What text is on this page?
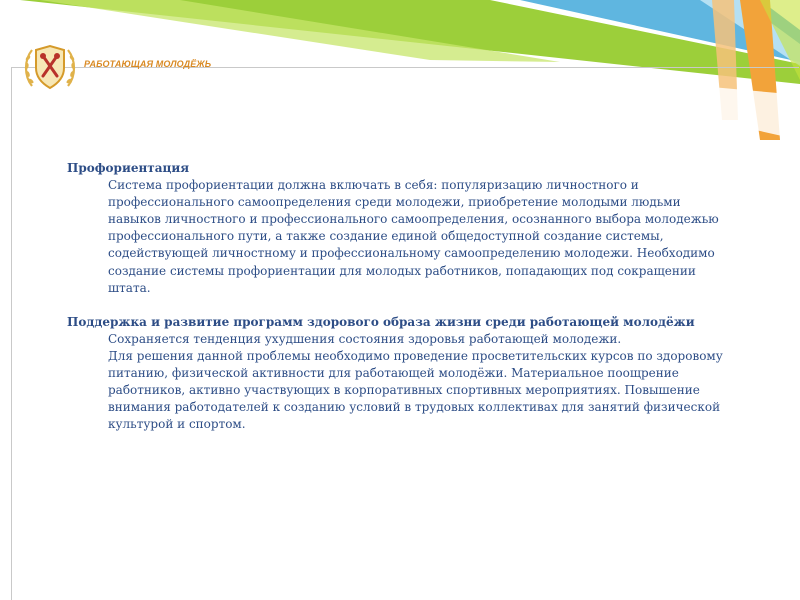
РАБОТАЮЩАЯ МОЛОДЁЖЬ

Профориентация

Система профориентации должна включать в себя: популяризацию личностного и профессионального самоопределения среди молодежи, приобретение молодыми людьми навыков личностного и профессионального самоопределения, осознанного выбора молодежью профессионального пути, а также создание единой общедоступной создание системы, содействующей личностному и профессиональному самоопределению молодежи. Необходимо создание системы профориентации для молодых работников, попадающих под сокращении штата.

Поддержка и развитие программ здорового образа жизни среди работающей молодёжи

Сохраняется тенденция ухудшения состояния здоровья работающей молодежи.

Для решения данной проблемы необходимо проведение просветительских курсов по здоровому питанию, физической активности для работающей молодёжи. Материальное поощрение работников, активно участвующих в корпоративных спортивных мероприятиях. Повышение внимания работодателей к созданию условий в трудовых коллективах для занятий физической культурой и спортом.
